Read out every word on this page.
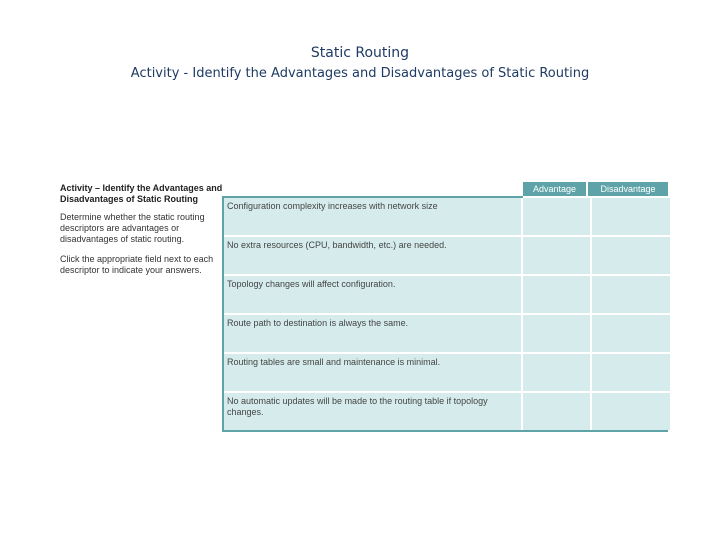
Static Routing
Activity - Identify the Advantages and Disadvantages of Static Routing
Activity – Identify the Advantages and Disadvantages of Static Routing
Determine whether the static routing descriptors are advantages or disadvantages of static routing.
Click the appropriate field next to each descriptor to indicate your answers.
Advantage	Disadvantage
Configuration complexity increases with network size
No extra resources (CPU, bandwidth, etc.) are needed.
Topology changes will affect configuration.
Route path to destination is always the same.
Routing tables are small and maintenance is minimal.
No automatic updates will be made to the routing table if topology changes.
